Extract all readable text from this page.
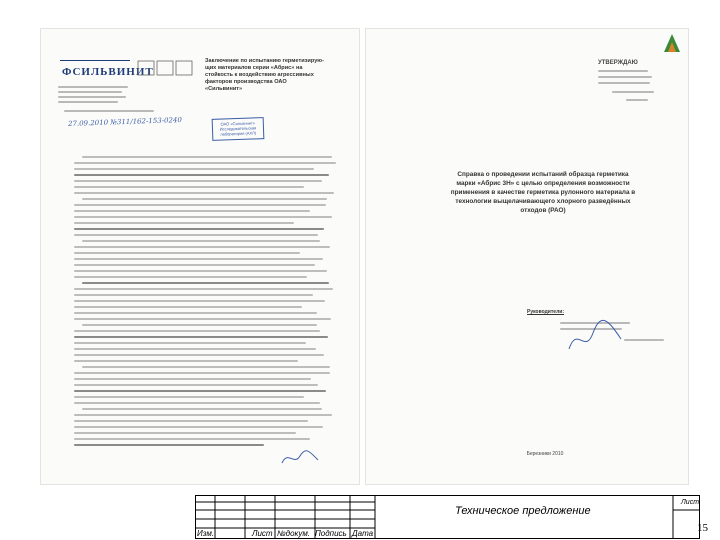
ФСИЛЬВИНИТ
Заключение по испытанию герметизирующих материалов серии «Абрис» на стойкость к воздействию агрессивных факторов производства ОАО «Сильвинит»
27.09.2010 №311/162-153-0240	ОАО «Сильвинит» Исследовательская лаборатория (АХЛ)
УТВЕРЖДАЮ
Справка о проведении испытаний образца герметика марки «Абрис 3Н» с целью определения возможности применения в качестве герметика рулонного материала в технологии выщелачивающего хлорного разведённых отходов (РАО)
Руководители:
Березники 2010
Изм.	Лист №докум. Подпись Дата
Техническое предложение
Лист
15
